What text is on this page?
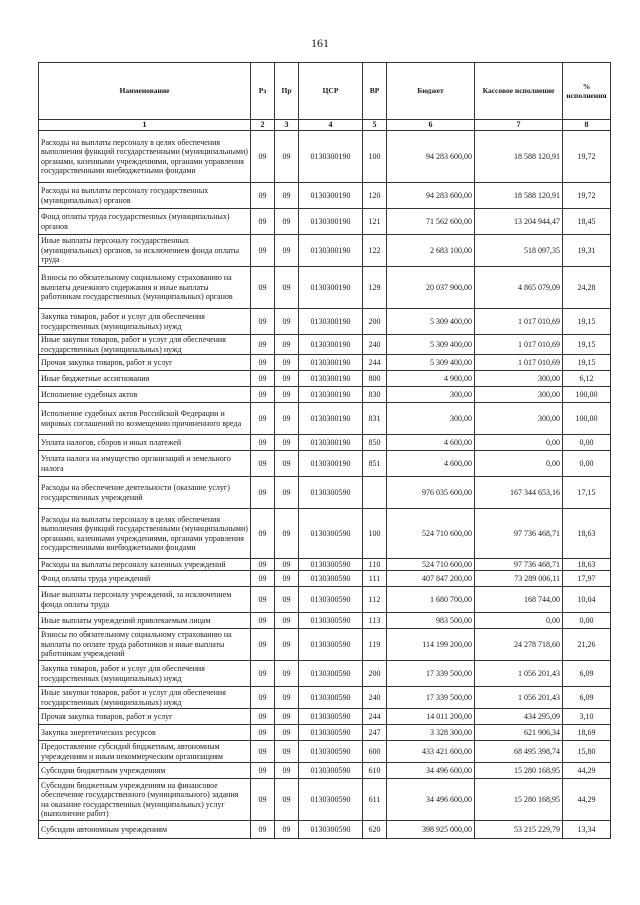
161
Наименование	Рз	Пр	ЦСР	ВР	Бюджет	Кассовое исполнение	% исполнения
1	2	3	4	5	6	7	8
Расходы на выплаты персоналу в целях обеспечения выполнения функций государственными (муниципальными) органами, казенными учреждениями, органами управления государственными внебюджетными фондами	09	09	0130300190	100	94 283 600,00	18 588 120,91	19,72
Расходы на выплаты персоналу государственных (муниципальных) органов	09	09	0130300190	120	94 283 600,00	18 588 120,91	19,72
Фонд оплаты труда государственных (муниципальных) органов	09	09	0130300190	121	71 562 600,00	13 204 944,47	18,45
Иные выплаты персоналу государственных (муниципальных) органов, за исключением фонда оплаты труда	09	09	0130300190	122	2 683 100,00	518 097,35	19,31
Взносы по обязательному социальному страхованию на выплаты денежного содержания и иные выплаты работникам государственных (муниципальных) органов	09	09	0130300190	129	20 037 900,00	4 865 079,09	24,28
Закупка товаров, работ и услуг для обеспечения государственных (муниципальных) нужд	09	09	0130300190	200	5 309 400,00	1 017 010,69	19,15
Иные закупки товаров, работ и услуг для обеспечения государственных (муниципальных) нужд	09	09	0130300190	240	5 309 400,00	1 017 010,69	19,15
Прочая закупка товаров, работ и услуг	09	09	0130300190	244	5 309 400,00	1 017 010,69	19,15
Иные бюджетные ассигнования	09	09	0130300190	800	4 900,00	300,00	6,12
Исполнение судебных актов	09	09	0130300190	830	300,00	300,00	100,00
Исполнение судебных актов Российской Федерации и мировых соглашений по возмещению причиненного вреда	09	09	0130300190	831	300,00	300,00	100,00
Уплата налогов, сборов и иных платежей	09	09	0130300190	850	4 600,00	0,00	0,00
Уплата налога на имущество организаций и земельного налога	09	09	0130300190	851	4 600,00	0,00	0,00
Расходы на обеспечение деятельности (оказание услуг) государственных учреждений	09	09	0130300590		976 035 600,00	167 344 653,16	17,15
Расходы на выплаты персоналу в целях обеспечения выполнения функций государственными (муниципальными) органами, казенными учреждениями, органами управления государственными внебюджетными фондами	09	09	0130300590	100	524 710 600,00	97 736 468,71	18,63
Расходы на выплаты персоналу казенных учреждений	09	09	0130300590	110	524 710 600,00	97 736 468,71	18,63
Фонд оплаты труда учреждений	09	09	0130300590	111	407 847 200,00	73 289 006,11	17,97
Иные выплаты персоналу учреждений, за исключением фонда оплаты труда	09	09	0130300590	112	1 680 700,00	168 744,00	10,04
Иные выплаты учреждений привлекаемым лицам	09	09	0130300590	113	983 500,00	0,00	0,00
Взносы по обязательному социальному страхованию на выплаты по оплате труда работников и иные выплаты работникам учреждений	09	09	0130300590	119	114 199 200,00	24 278 718,60	21,26
Закупка товаров, работ и услуг для обеспечения государственных (муниципальных) нужд	09	09	0130300590	200	17 339 500,00	1 056 201,43	6,09
Иные закупки товаров, работ и услуг для обеспечения государственных (муниципальных) нужд	09	09	0130300590	240	17 339 500,00	1 056 201,43	6,09
Прочая закупка товаров, работ и услуг	09	09	0130300590	244	14 011 200,00	434 295,09	3,10
Закупка энергетических ресурсов	09	09	0130300590	247	3 328 300,00	621 906,34	18,69
Предоставление субсидий бюджетным, автономным учреждениям и иным некоммерческим организациям	09	09	0130300590	600	433 421 600,00	68 495 398,74	15,80
Субсидии бюджетным учреждениям	09	09	0130300590	610	34 496 600,00	15 280 168,95	44,29
Субсидии бюджетным учреждениям на финансовое обеспечение государственного (муниципального) задания на оказание государственных (муниципальных) услуг (выполнение работ)	09	09	0130300590	611	34 496 600,00	15 280 168,95	44,29
Субсидии автономным учреждениям	09	09	0130300590	620	398 925 000,00	53 215 229,79	13,34
